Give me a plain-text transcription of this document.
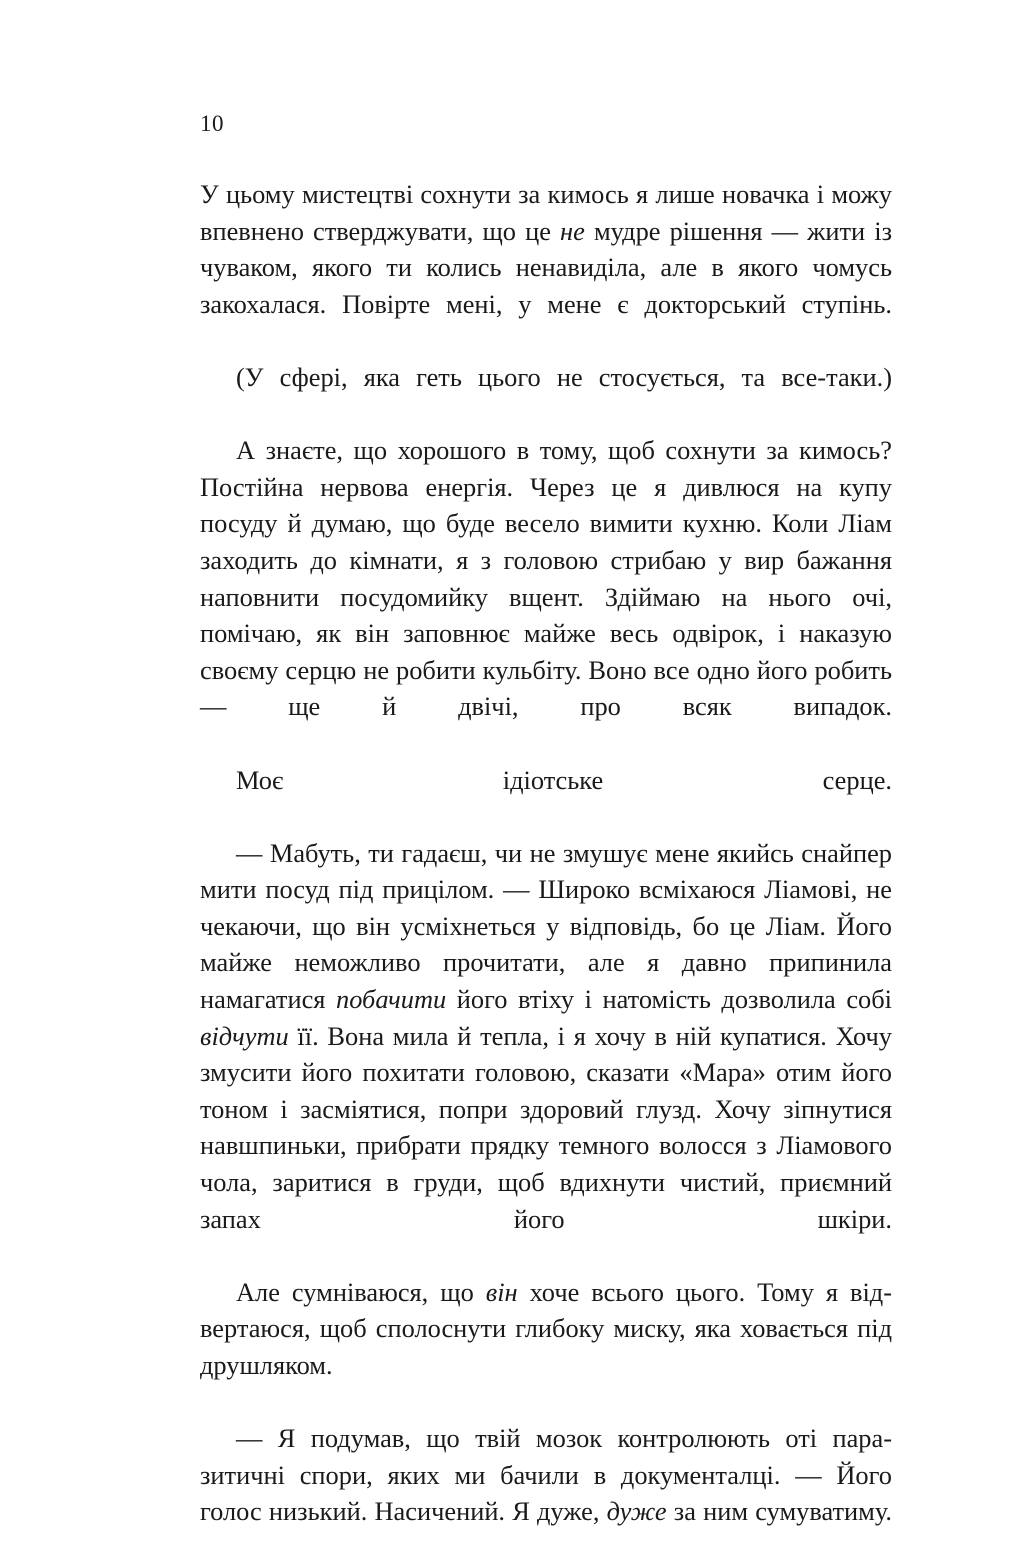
10

У цьому мистецтві сохнути за кимось я лише новачка і можу впевнено стверджувати, що це не мудре рішення — жити із чуваком, якого ти колись ненавиділа, але в якого чомусь закохалася. Повірте мені, у мене є докторський ступінь.

(У сфері, яка геть цього не стосується, та все-таки.)

А знаєте, що хорошого в тому, щоб сохнути за кимось? Постійна нервова енергія. Через це я дивлюся на купу посуду й думаю, що буде весело вимити кухню. Коли Ліам заходить до кімнати, я з головою стрибаю у вир бажання наповнити посудомийку вщент. Здіймаю на нього очі, помічаю, як він заповнює майже весь одвірок, і наказую своєму серцю не робити кульбіту. Воно все одно його робить — ще й двічі, про всяк випадок.

Моє ідіотське серце.

— Мабуть, ти гадаєш, чи не змушує мене якийсь снайпер мити посуд під прицілом. — Широко всміхаюся Ліамові, не чекаючи, що він усміхнеться у відповідь, бо це Ліам. Його майже неможливо прочитати, але я давно припинила намагатися побачити його втіху і натомість дозволила собі відчути її. Вона мила й тепла, і я хочу в ній купатися. Хочу змусити його похитати головою, сказати «Мара» отим його тоном і засміятися, попри здоровий глузд. Хочу зіпнутися навшпиньки, прибрати прядку темного волосся з Ліамового чола, заритися в груди, щоб вдихнути чистий, приємний запах його шкіри.

Але сумніваюся, що він хоче всього цього. Тому я відвертаюся, щоб сполоснути глибоку миску, яка ховається під друшляком.

— Я подумав, що твій мозок контролюють оті паразитичні спори, яких ми бачили в документалці. — Його голос низький. Насичений. Я дуже, дуже за ним сумуватиму.
